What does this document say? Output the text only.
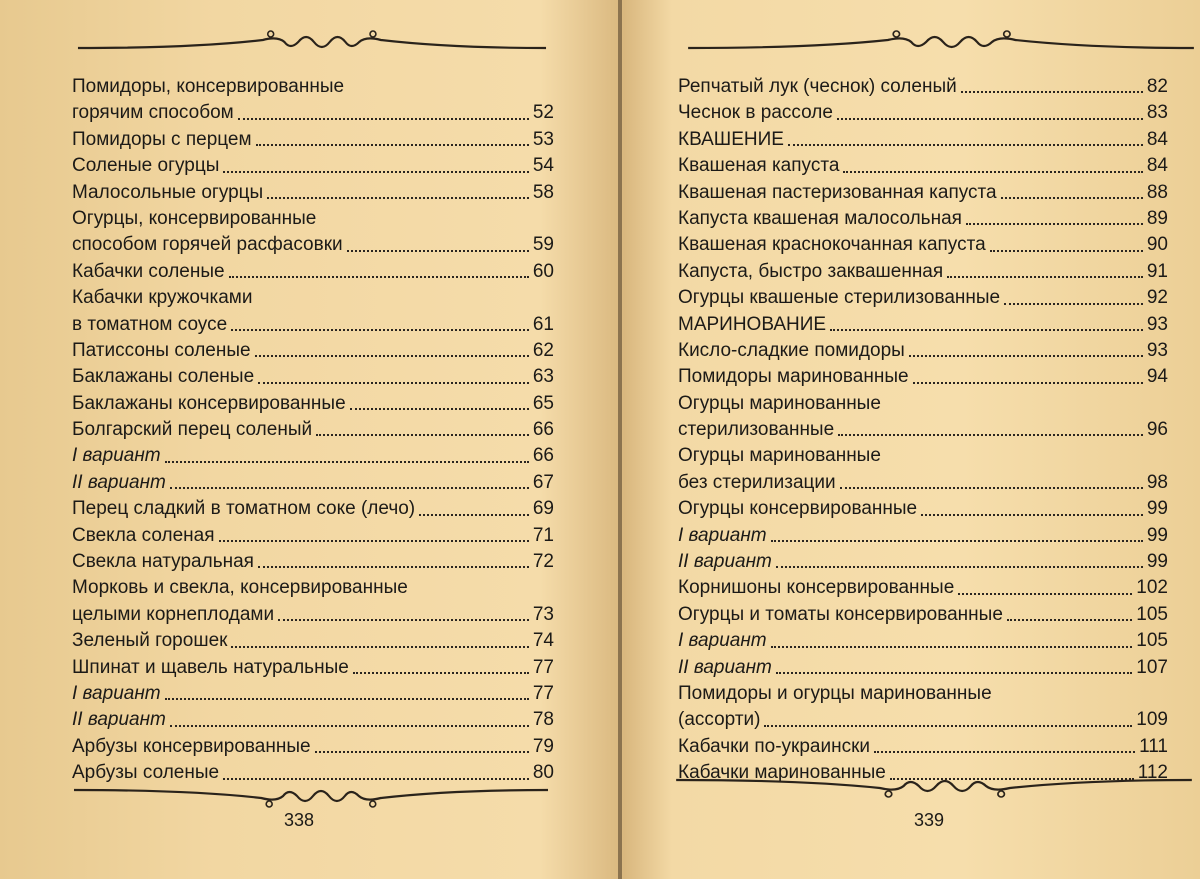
Помидоры, консервированные
горячим способом	52
Помидоры с перцем	53
Соленые огурцы	54
Малосольные огурцы	58
Огурцы, консервированные
способом горячей расфасовки	59
Кабачки соленые	60
Кабачки кружочками
в томатном соусе	61
Патиссоны соленые	62
Баклажаны соленые	63
Баклажаны консервированные	65
Болгарский перец соленый	66
I вариант	66
II вариант	67
Перец сладкий в томатном соке (лечо)	69
Свекла соленая	71
Свекла натуральная	72
Морковь и свекла, консервированные
целыми корнеплодами	73
Зеленый горошек	74
Шпинат и щавель натуральные	77
I вариант	77
II вариант	78
Арбузы консервированные	79
Арбузы соленые	80
338
Репчатый лук (чеснок) соленый	82
Чеснок в рассоле	83
КВАШЕНИЕ	84
Квашеная капуста	84
Квашеная пастеризованная капуста	88
Капуста квашеная малосольная	89
Квашеная краснокочанная капуста	90
Капуста, быстро заквашенная	91
Огурцы квашеные стерилизованные	92
МАРИНОВАНИЕ	93
Кисло-сладкие помидоры	93
Помидоры маринованные	94
Огурцы маринованные
стерилизованные	96
Огурцы маринованные
без стерилизации	98
Огурцы консервированные	99
I вариант	99
II вариант	99
Корнишоны консервированные	102
Огурцы и томаты консервированные	105
I вариант	105
II вариант	107
Помидоры и огурцы маринованные
(ассорти)	109
Кабачки по-украински	111
Кабачки маринованные	112
339
